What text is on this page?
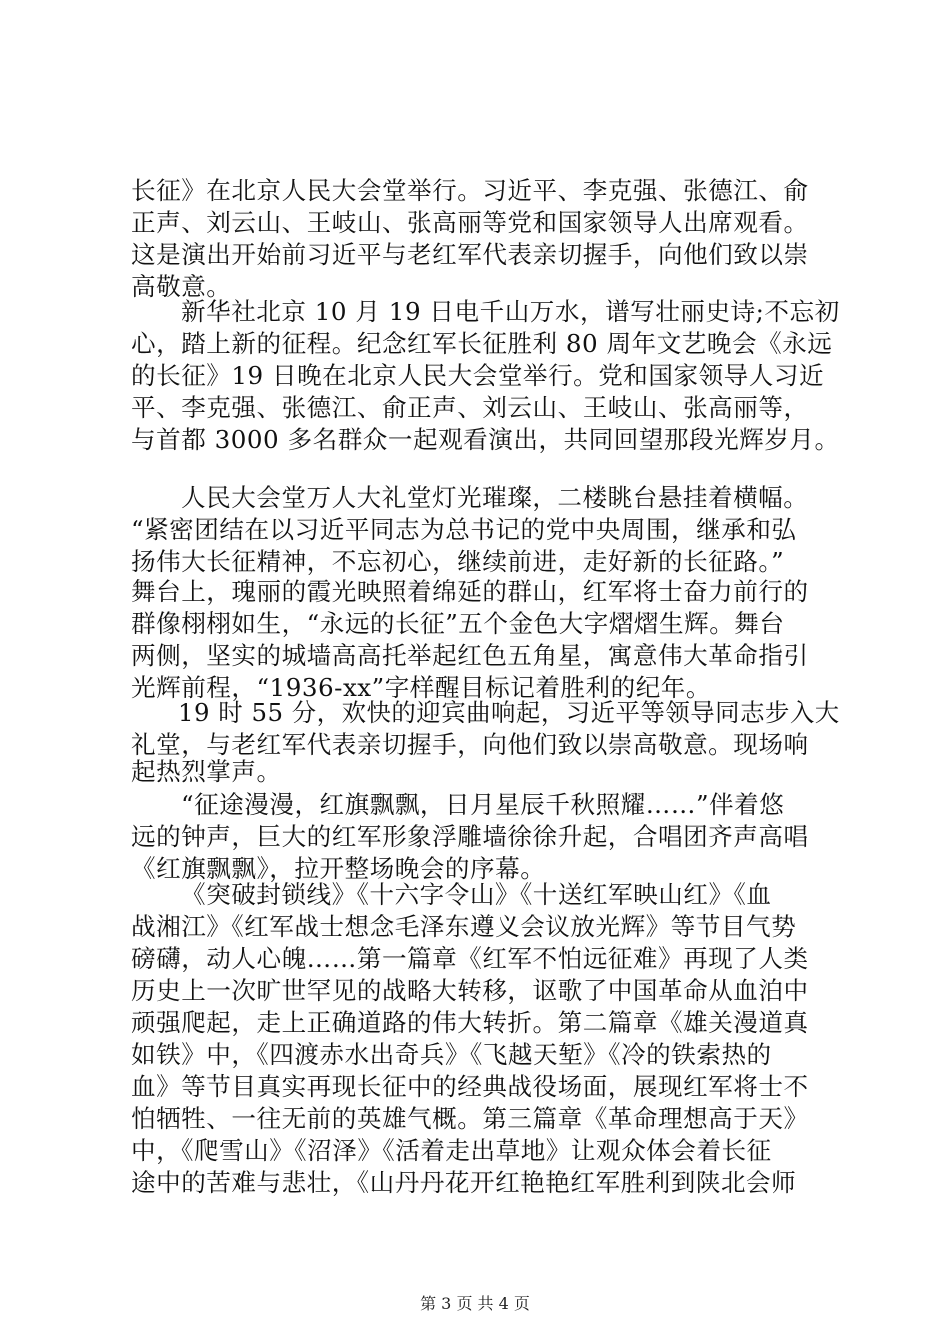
长征》在北京人民大会堂举行。习近平、李克强、张德江、俞
正声、刘云山、王岐山、张高丽等党和国家领导人出席观看。
这是演出开始前习近平与老红军代表亲切握手，向他们致以崇
高敬意。
新华社北京 10 月 19 日电千山万水，谱写壮丽史诗;不忘初
心，踏上新的征程。纪念红军长征胜利 80 周年文艺晚会《永远
的长征》19 日晚在北京人民大会堂举行。党和国家领导人习近
平、李克强、张德江、俞正声、刘云山、王岐山、张高丽等，
与首都 3000 多名群众一起观看演出，共同回望那段光辉岁月。
人民大会堂万人大礼堂灯光璀璨，二楼眺台悬挂着横幅。
“紧密团结在以习近平同志为总书记的党中央周围，继承和弘
扬伟大长征精神，不忘初心，继续前进，走好新的长征路。”
舞台上，瑰丽的霞光映照着绵延的群山，红军将士奋力前行的
群像栩栩如生，“永远的长征”五个金色大字熠熠生辉。舞台
两侧，坚实的城墙高高托举起红色五角星，寓意伟大革命指引
光辉前程，“1936-xx”字样醒目标记着胜利的纪年。
19 时 55 分，欢快的迎宾曲响起，习近平等领导同志步入大
礼堂，与老红军代表亲切握手，向他们致以崇高敬意。现场响
起热烈掌声。
“征途漫漫，红旗飘飘，日月星辰千秋照耀……”伴着悠
远的钟声，巨大的红军形象浮雕墙徐徐升起，合唱团齐声高唱
《红旗飘飘》，拉开整场晚会的序幕。
《突破封锁线》《十六字令山》《十送红军映山红》《血
战湘江》《红军战士想念毛泽东遵义会议放光辉》等节目气势
磅礴，动人心魄……第一篇章《红军不怕远征难》再现了人类
历史上一次旷世罕见的战略大转移，讴歌了中国革命从血泊中
顽强爬起，走上正确道路的伟大转折。第二篇章《雄关漫道真
如铁》中，《四渡赤水出奇兵》《飞越天堑》《冷的铁索热的
血》等节目真实再现长征中的经典战役场面，展现红军将士不
怕牺牲、一往无前的英雄气概。第三篇章《革命理想高于天》
中，《爬雪山》《沼泽》《活着走出草地》让观众体会着长征
途中的苦难与悲壮，《山丹丹花开红艳艳红军胜利到陕北会师
第 3 页 共 4 页
